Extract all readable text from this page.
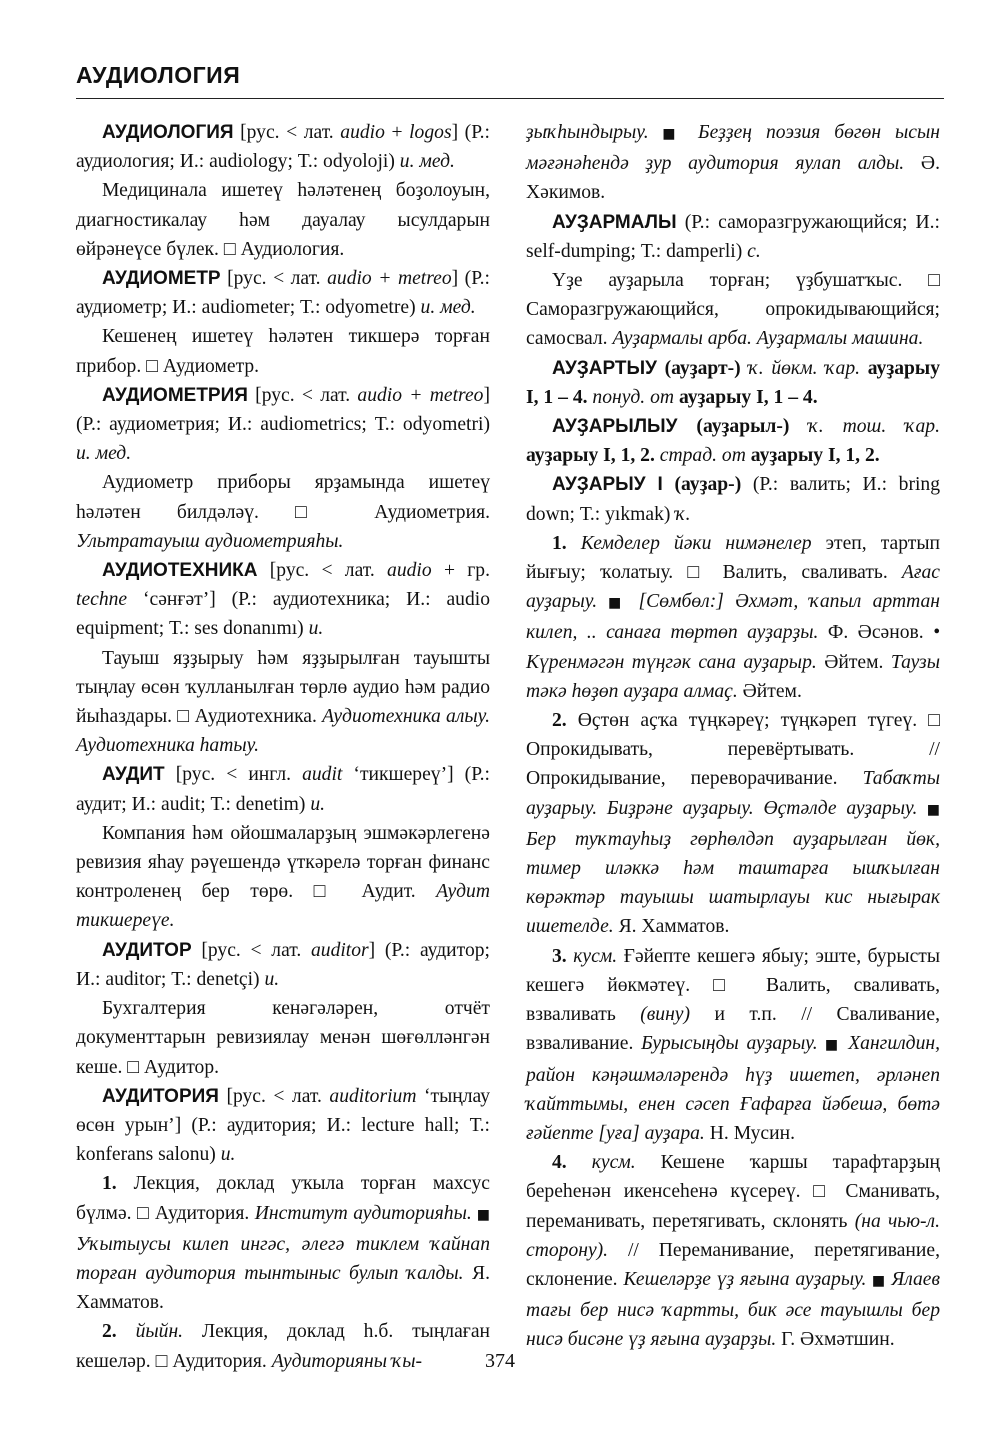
АУДИОЛОГИЯ

АУДИОЛОГИЯ [рус. < лат. audio + logos] (Р.: аудиология; И.: audiology; Т.: odyoloji) и. мед.

Медицинала ишетеү һәләтенең боҙолоуын, диагностикалау һәм дауалау ысулдарын өйрәнеүсе бүлек. □ Аудиология.

АУДИОМЕТР [рус. < лат. audio + metreo] (Р.: аудиометр; И.: audiometer; Т.: odyometre) и. мед.

Кешенең ишетеү һәләтен тикшерә торған прибор. □ Аудиометр.

АУДИОМЕТРИЯ [рус. < лат. audio + metreo] (Р.: аудиометрия; И.: audiometrics; Т.: odyometri) и. мед.

Аудиометр приборы ярҙамында ишетеү һәләтен билдәләү. □ Аудиометрия. Ультратауыш аудиометрияһы.

АУДИОТЕХНИКА [рус. < лат. audio + гр. techne ‘сәнғәт’] (Р.: аудиотехника; И.: audio equipment; Т.: ses donanımı) и.

Тауыш яҙҙырыу һәм яҙҙырылған тауышты тыңлау өсөн ҡулланылған төрлө аудио һәм радио йыһаздары. □ Аудиотехника. Аудиотехника алыу. Аудиотехника һатыу.

АУДИТ [рус. < ингл. audit ‘тикшереү’] (Р.: аудит; И.: audit; Т.: denetim) и.

Компания һәм ойошмаларҙың эшмәкәрлегенә ревизия яһау рәүешендә үткәрелә торған финанс контроленең бер төрө. □ Аудит. Аудит тикшереүе.

АУДИТОР [рус. < лат. auditor] (Р.: аудитор; И.: auditor; Т.: denetçi) и.

Бухгалтерия кенәгәләрен, отчёт документтарын ревизиялау менән шөғөлләнгән кеше. □ Аудитор.

АУДИТОРИЯ [рус. < лат. auditorium ‘тыңлау өсөн урын’] (Р.: аудитория; И.: lecture hall; Т.: konferans salonu) и.

1. Лекция, доклад уҡыла торған махсус бүлмә. □ Аудитория. Институт аудиторияһы. ■ Уҡытыусы килеп ингәс, әлегә тиклем ҡайнап торған аудитория тынтыныс булып ҡалды. Я. Хамматов.

2. йыйн. Лекция, доклад һ.б. тыңлаған кешеләр. □ Аудитория. Аудиторияны ҡы-

ҙыҡһындырыу. ■ Беҙҙең поэзия бөгөн ысын мәғәнәһендә ҙур аудитория яулап алды. Ә. Хәкимов.

АУҘАРМАЛЫ (Р.: саморазгружающийся; И.: self-dumping; Т.: damperli) с.

Үҙе ауҙарыла торған; үҙбушатҡыс. □ Саморазгружающийся, опрокидывающийся; самосвал. Ауҙармалы арба. Ауҙармалы машина.

АУҘАРТЫУ (ауҙарт-) ҡ. йөкм. ҡар. ауҙарыу I, 1 – 4. понуд. от ауҙарыу I, 1 – 4.

АУҘАРЫЛЫУ (ауҙарыл-) ҡ. тош. ҡар. ауҙарыу I, 1, 2. страд. от ауҙарыу I, 1, 2.

АУҘАРЫУ I (ауҙар-) (Р.: валить; И.: bring down; Т.: yıkmak) ҡ.

1. Кемделер йәки нимәнелер этеп, тартып йығыу; ҡолатыу. □ Валить, сваливать. Ағас ауҙарыу. ■ [Сөмбөл:] Әхмәт, ҡапыл арттан килеп, .. санаға төртөп ауҙарҙы. Ф. Әсәнов. • Күренмәгән түңгәк сана ауҙарыр. Әйтем. Таузы тәкә һөҙөп ауҙара алмаҫ. Әйтем.

2. Өҫтөн аҫҡа түңкәреү; түңкәреп түгеү. □ Опрокидывать, перевёртывать. // Опрокидывание, переворачивание. Табаҡты ауҙарыу. Биҙрәне ауҙарыу. Өҫтәлде ауҙарыу. ■ Бер туҡтауһыҙ гөрһөлдәп ауҙарылған йөк, тимер иләккә һәм таштарға ышҡылған көрәктәр тауышы шатырлауы кис нығырак ишетелде. Я. Хамматов.

3. кусм. Ғәйепте кешегә ябыу; эште, бурысты кешегә йөкмәтеү. □ Валить, сваливать, взваливать (вину) и т.п. // Сваливание, взваливание. Бурысыңды ауҙарыу. ■ Хангилдин, район кәңәшмәләрендә һүҙ ишетеп, әрләнеп ҡайттымы, енен сәсеп Ғафарға йәбешә, бөтә ғәйепте [уға] ауҙара. Н. Мусин.

4. кусм. Кешене ҡаршы тарафтарҙың береһенән икенсеһенә күсереү. □ Сманивать, переманивать, перетягивать, склонять (на чью-л. сторону). // Переманивание, перетягивание, склонение. Кешеләрҙе үҙ яғына ауҙарыу. ■ Ялаев тағы бер нисә ҡартты, бик әсе тауышлы бер нисә бисәне үҙ яғына ауҙарҙы. Г. Әхмәтшин.

374
